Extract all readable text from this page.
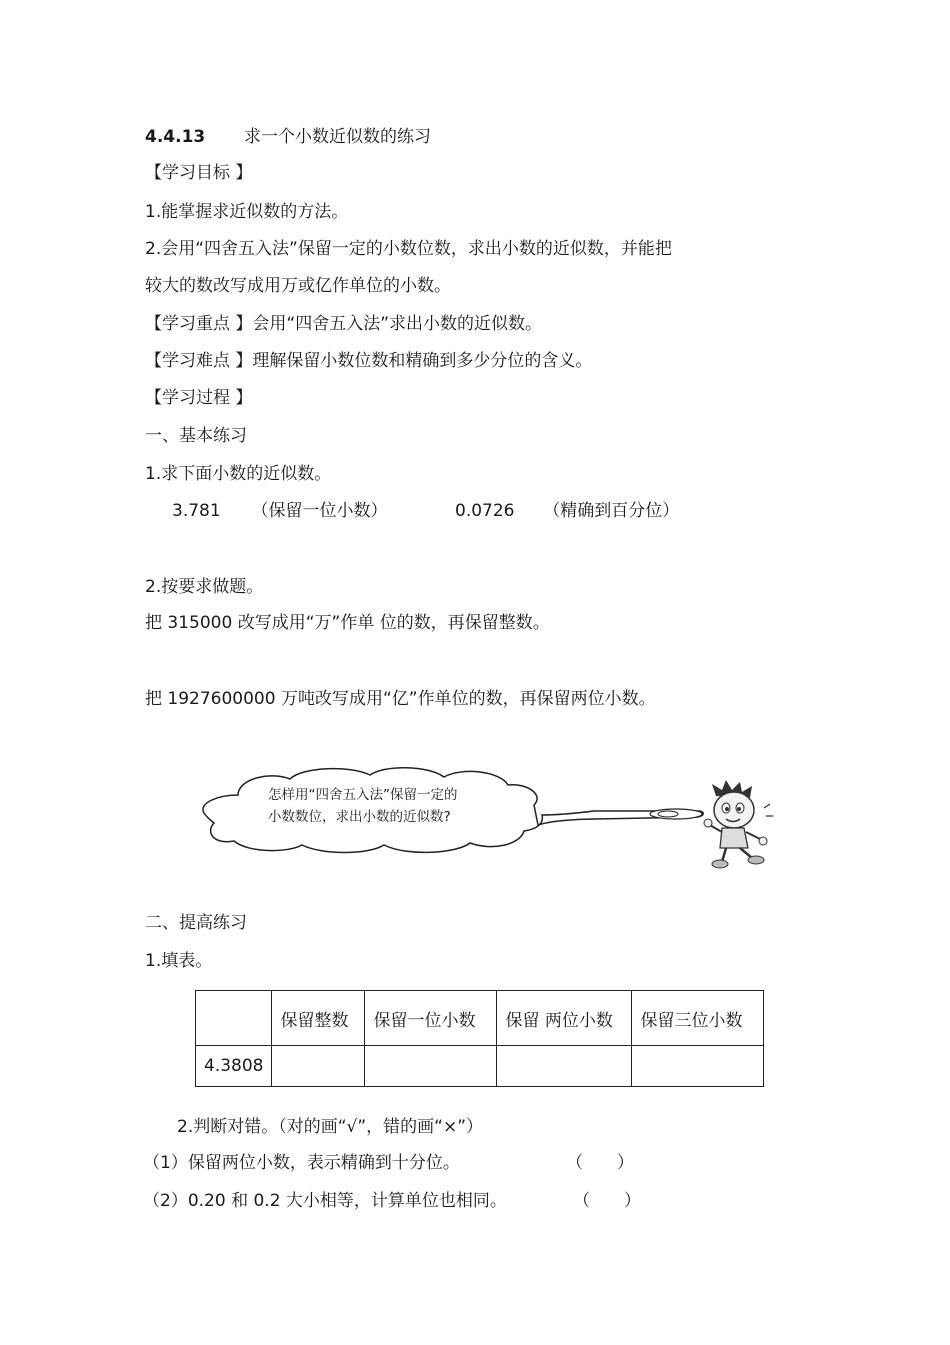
4.4.13 求一个小数近似数的练习
【学习目标 】
1.能掌握求近似数的方法。
2.会用“四舍五入法”保留一定的小数位数，求出小数的近似数，并能把
较大的数改写成用万或亿作单位的小数。
【学习重点 】会用“四舍五入法”求出小数的近似数。
【学习难点 】理解保留小数位数和精确到多少分位的含义。
【学习过程 】
一、基本练习
1.求下面小数的近似数。
3.781 （保留一位小数）	0.0726 （精确到百分位）
2.按要求做题。
把 315000 改写成用“万”作单 位的数，再保留整数。
把 1927600000 万吨改写成用“亿”作单位的数，再保留两位小数。
怎样用“四舍五入法”保留一定的
小数数位，求出小数的近似数?
二、提高练习
1.填表。
	保留整数	保留一位小数	保留 两位小数	保留三位小数
4.3808				
2.判断对错。（对的画“√”，错的画“×”）
（1）保留两位小数，表示精确到十分位。	（　　）
（2）0.20 和 0.2 大小相等，计算单位也相同。	（　　）
